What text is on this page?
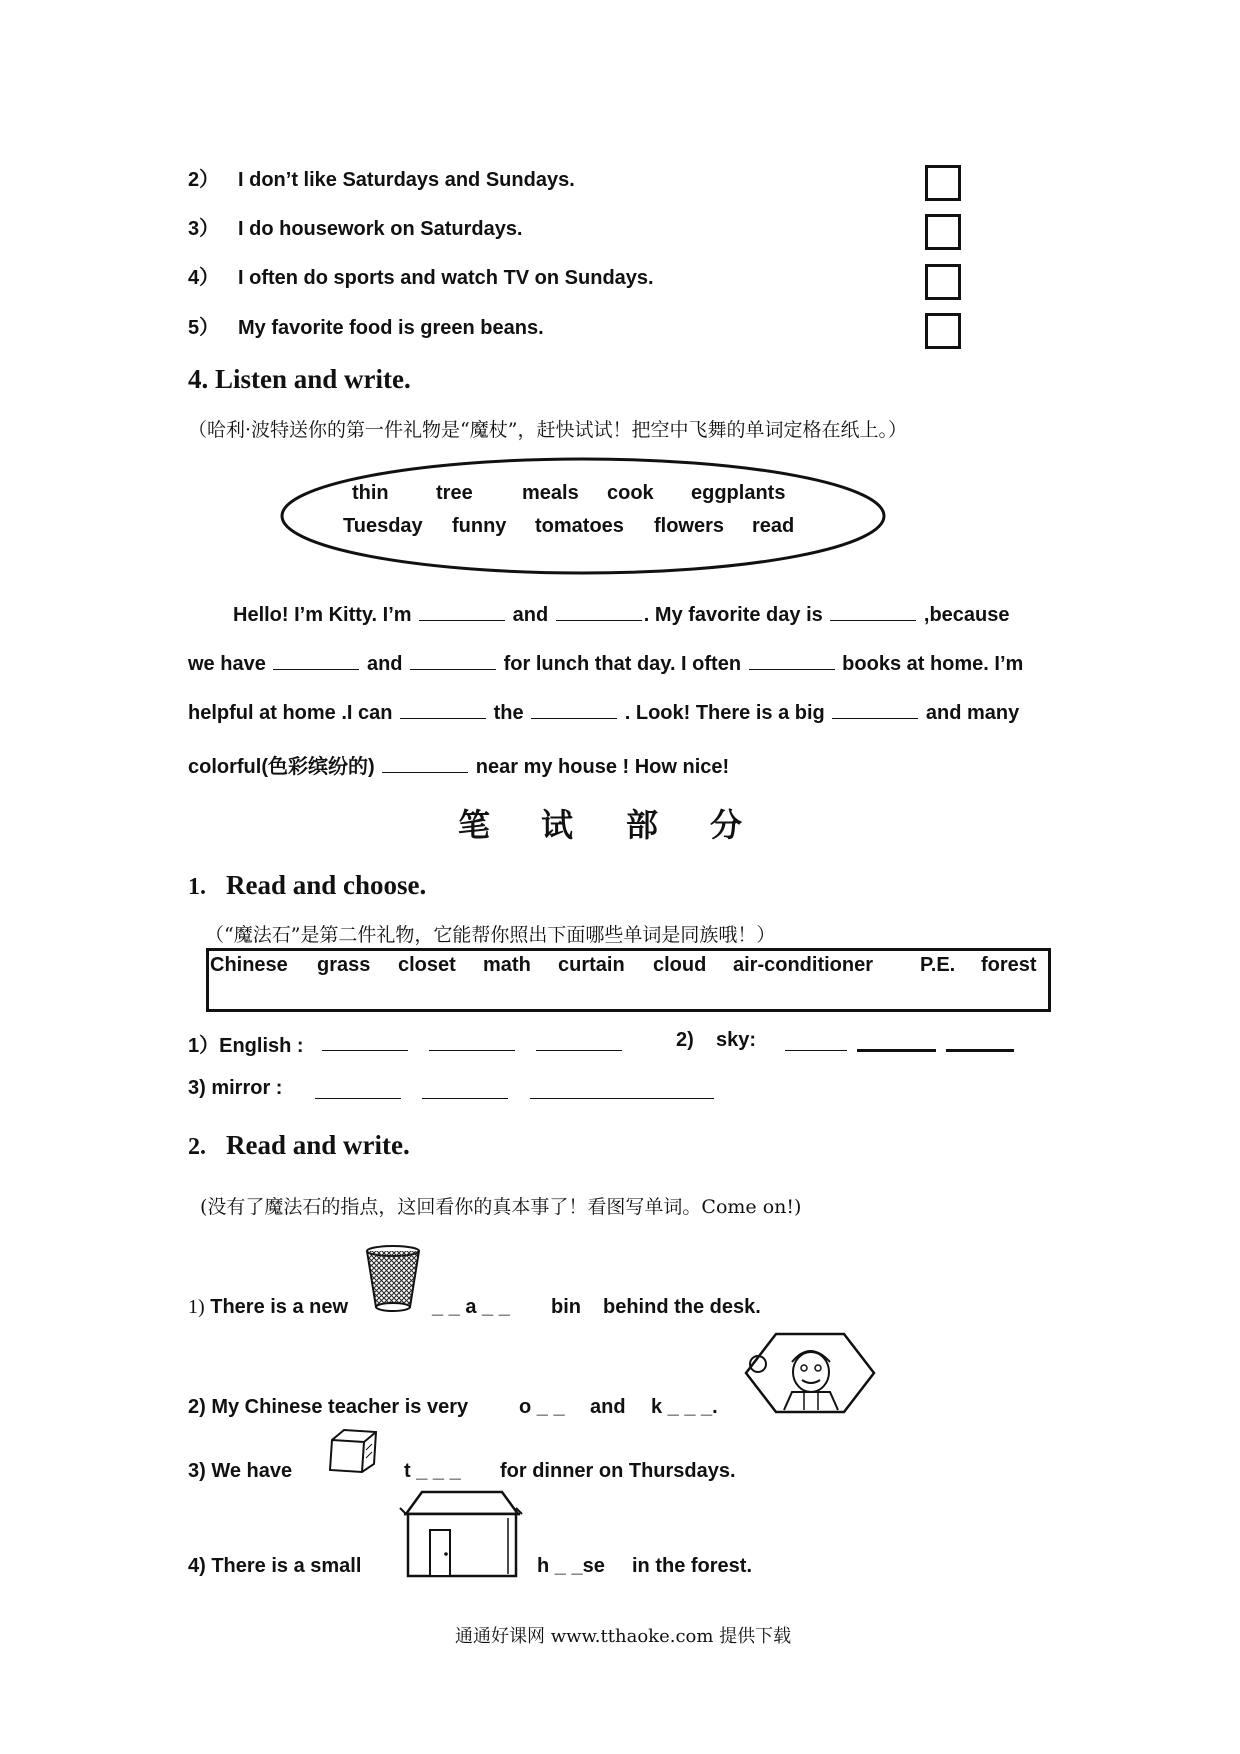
2） I don’t like Saturdays and Sundays.
3） I do housework on Saturdays.
4） I often do sports and watch TV on Sundays.
5） My favorite food is green beans.
4. Listen and write.
（哈利·波特送你的第一件礼物是“魔杖”，赶快试试！把空中飞舞的单词定格在纸上。）
thin tree meals cook eggplants
Tuesday funny tomatoes flowers read
Hello! I’m Kitty. I’m	and	. My favorite day is	,because
we have	and	for lunch that day. I often	books at home. I’m
helpful at home .I can	the	. Look! There is a big	and many
colorful(色彩缤纷的)	near my house ! How nice!
笔 试 部 分
1. Read and choose.
（“魔法石”是第二件礼物，它能帮你照出下面哪些单词是同族哦！）
Chinese grass closet math curtain cloud air-conditioner P.E. forest
1）English :	2) sky:
3) mirror :
2. Read and write.
(没有了魔法石的指点，这回看你的真本事了！看图写单词。Come on!)
1) There is a new	_ _ a _ _ bin behind the desk.
2) My Chinese teacher is very	o _ _ and k _ _ _.
3) We have	t _ _ _ for dinner on Thursdays.
4) There is a small	h _ _se in the forest.
通通好课网 www.tthaoke.com 提供下载
